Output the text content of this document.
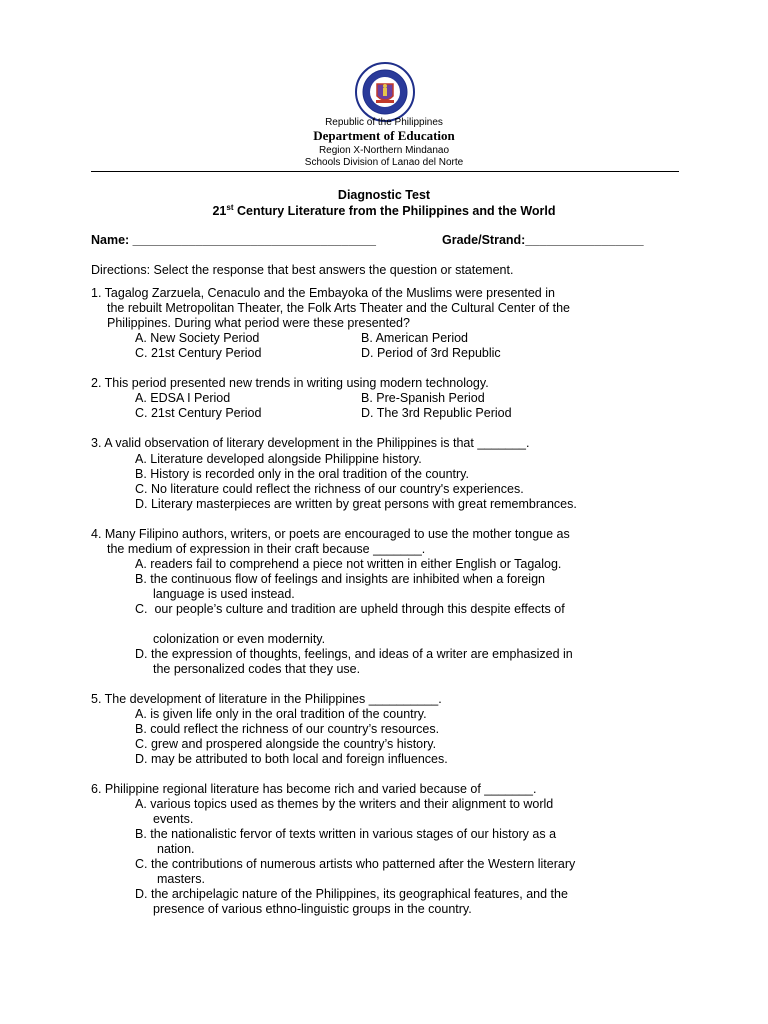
Republic of the Philippines
Department of Education
Region X-Northern Mindanao
Schools Division of Lanao del Norte
Diagnostic Test
21st Century Literature from the Philippines and the World
Name: ___________________________________	Grade/Strand:_________________
Directions: Select the response that best answers the question or statement.
1. Tagalog Zarzuela, Cenaculo and the Embayoka of the Muslims were presented in
the rebuilt Metropolitan Theater, the Folk Arts Theater and the Cultural Center of the
Philippines. During what period were these presented?
A. New Society Period	B. American Period
C. 21st Century Period	D. Period of 3rd Republic
2. This period presented new trends in writing using modern technology.
A. EDSA I Period	B. Pre-Spanish Period
C. 21st Century Period	D. The 3rd Republic Period
3. A valid observation of literary development in the Philippines is that _______.
A. Literature developed alongside Philippine history.
B. History is recorded only in the oral tradition of the country.
C. No literature could reflect the richness of our country's experiences.
D. Literary masterpieces are written by great persons with great remembrances.
4. Many Filipino authors, writers, or poets are encouraged to use the mother tongue as
the medium of expression in their craft because _______.
A. readers fail to comprehend a piece not written in either English or Tagalog.
B. the continuous flow of feelings and insights are inhibited when a foreign
language is used instead.
C.  our people’s culture and tradition are upheld through this despite effects of
colonization or even modernity.
D. the expression of thoughts, feelings, and ideas of a writer are emphasized in
the personalized codes that they use.
5. The development of literature in the Philippines __________.
A. is given life only in the oral tradition of the country.
B. could reflect the richness of our country’s resources.
C. grew and prospered alongside the country’s history.
D. may be attributed to both local and foreign influences.
6. Philippine regional literature has become rich and varied because of _______.
A. various topics used as themes by the writers and their alignment to world
events.
B. the nationalistic fervor of texts written in various stages of our history as a
nation.
C. the contributions of numerous artists who patterned after the Western literary
masters.
D. the archipelagic nature of the Philippines, its geographical features, and the
presence of various ethno-linguistic groups in the country.
